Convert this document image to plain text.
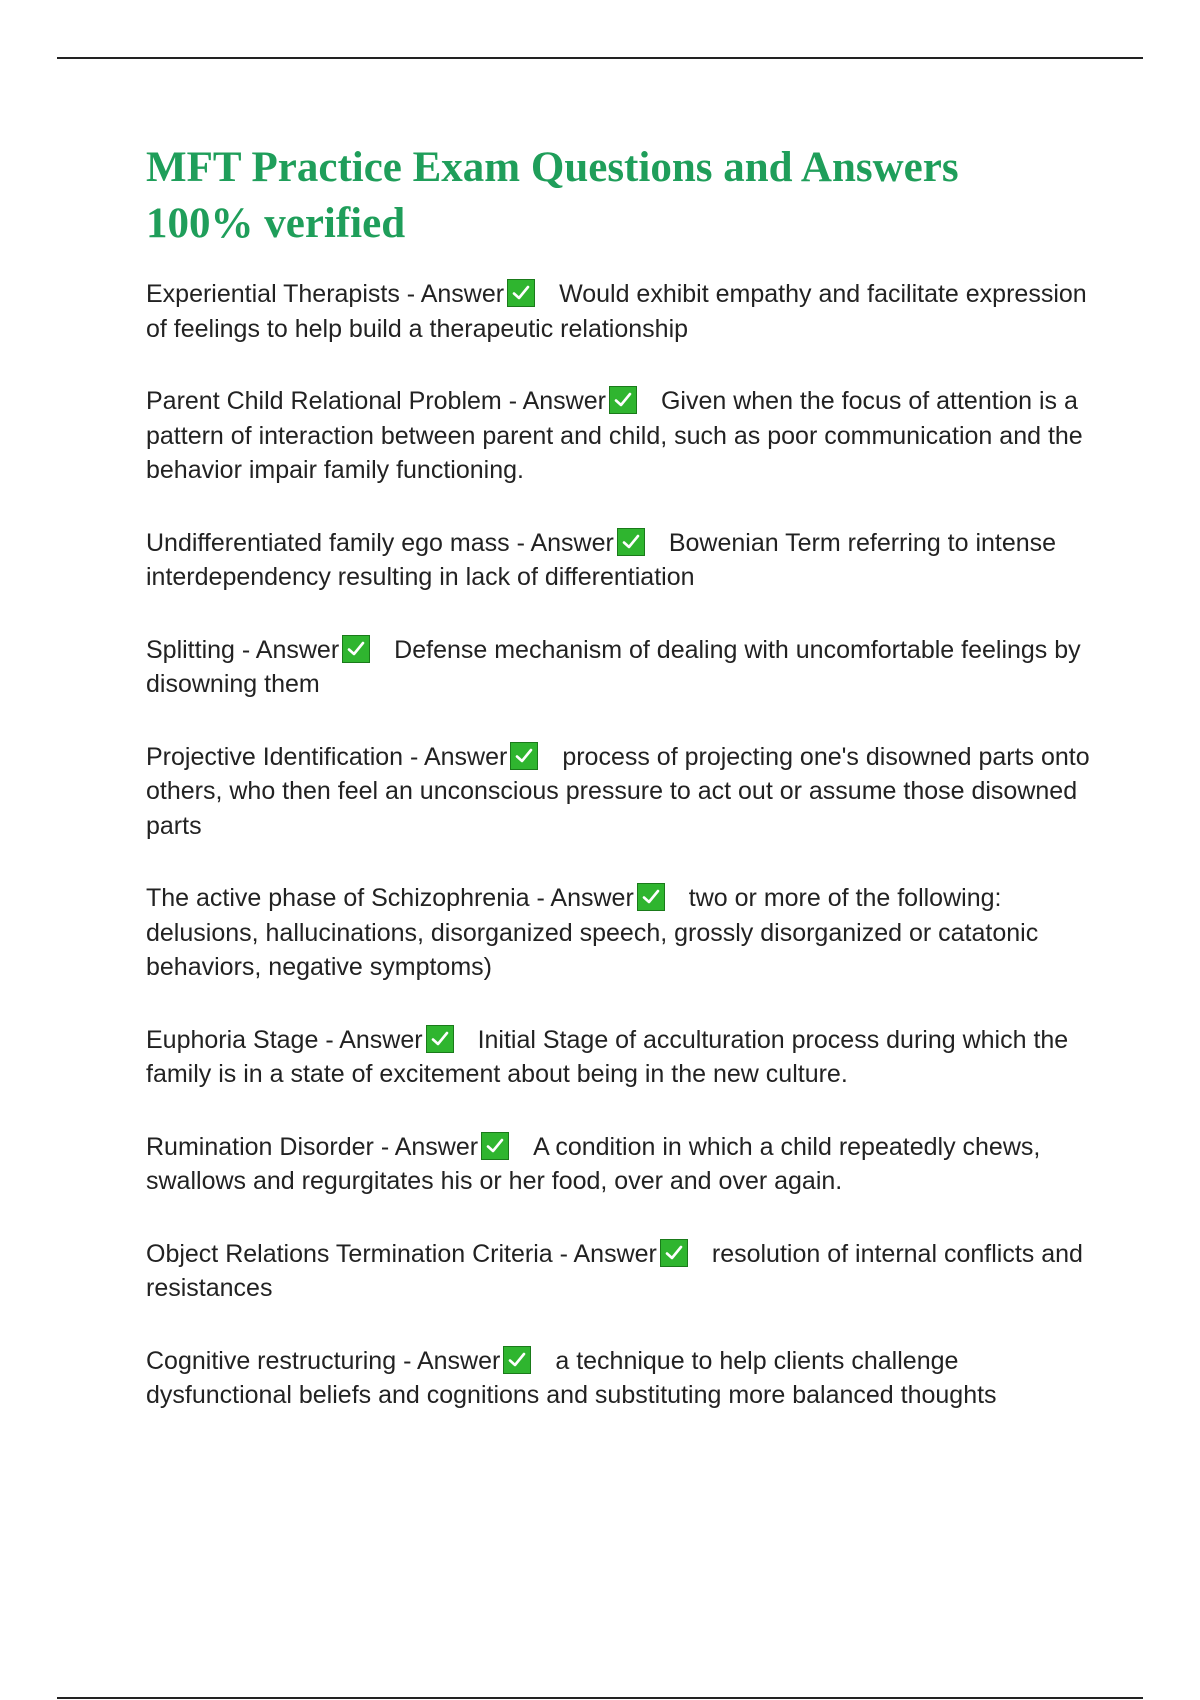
MFT Practice Exam Questions and Answers
100% verified

Experiential Therapists - Answer Would exhibit empathy and facilitate expression of feelings to help build a therapeutic relationship

Parent Child Relational Problem - Answer Given when the focus of attention is a pattern of interaction between parent and child, such as poor communication and the behavior impair family functioning.

Undifferentiated family ego mass - Answer Bowenian Term referring to intense interdependency resulting in lack of differentiation

Splitting - Answer Defense mechanism of dealing with uncomfortable feelings by disowning them

Projective Identification - Answer process of projecting one's disowned parts onto others, who then feel an unconscious pressure to act out or assume those disowned parts

The active phase of Schizophrenia - Answer two or more of the following: delusions, hallucinations, disorganized speech, grossly disorganized or catatonic behaviors, negative symptoms)

Euphoria Stage - Answer Initial Stage of acculturation process during which the family is in a state of excitement about being in the new culture.

Rumination Disorder - Answer A condition in which a child repeatedly chews, swallows and regurgitates his or her food, over and over again.

Object Relations Termination Criteria - Answer resolution of internal conflicts and resistances

Cognitive restructuring - Answer a technique to help clients challenge dysfunctional beliefs and cognitions and substituting more balanced thoughts
